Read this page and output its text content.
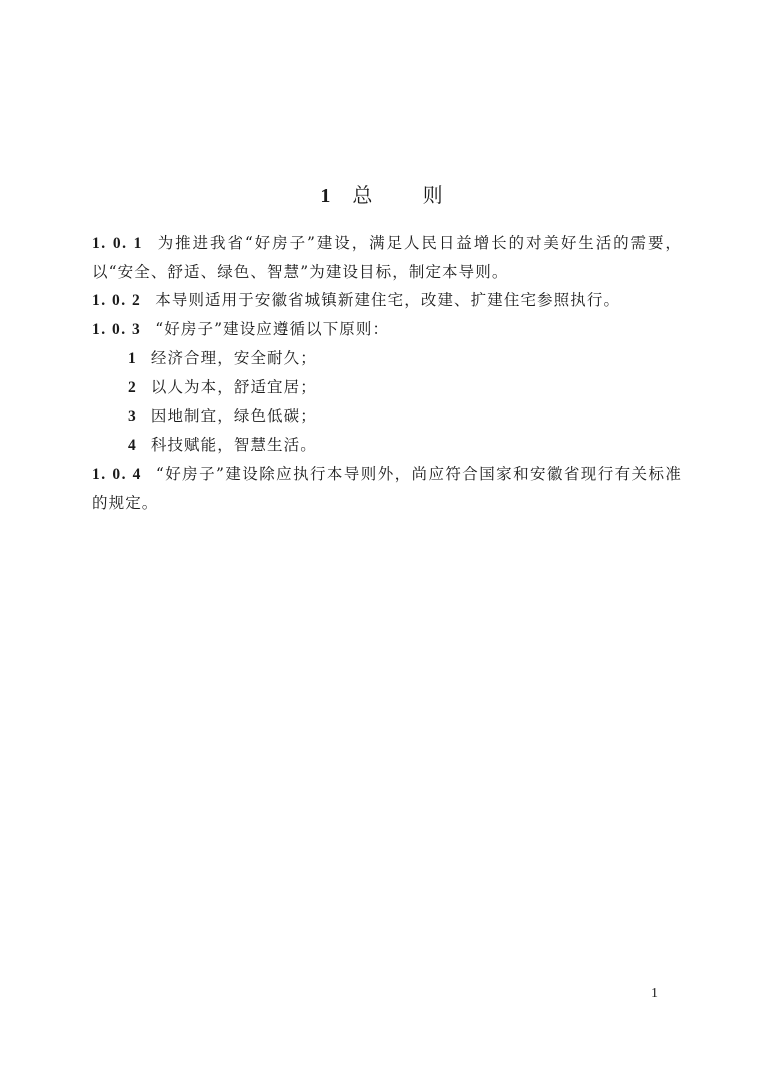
1 总 则

1. 0. 1 为推进我省“好房子”建设，满足人民日益增长的对美好生活的需要，以“安全、舒适、绿色、智慧”为建设目标，制定本导则。

1. 0. 2 本导则适用于安徽省城镇新建住宅，改建、扩建住宅参照执行。

1. 0. 3 “好房子”建设应遵循以下原则：

1 经济合理，安全耐久；

2 以人为本，舒适宜居；

3 因地制宜，绿色低碳；

4 科技赋能，智慧生活。

1. 0. 4 “好房子”建设除应执行本导则外，尚应符合国家和安徽省现行有关标准的规定。

1
